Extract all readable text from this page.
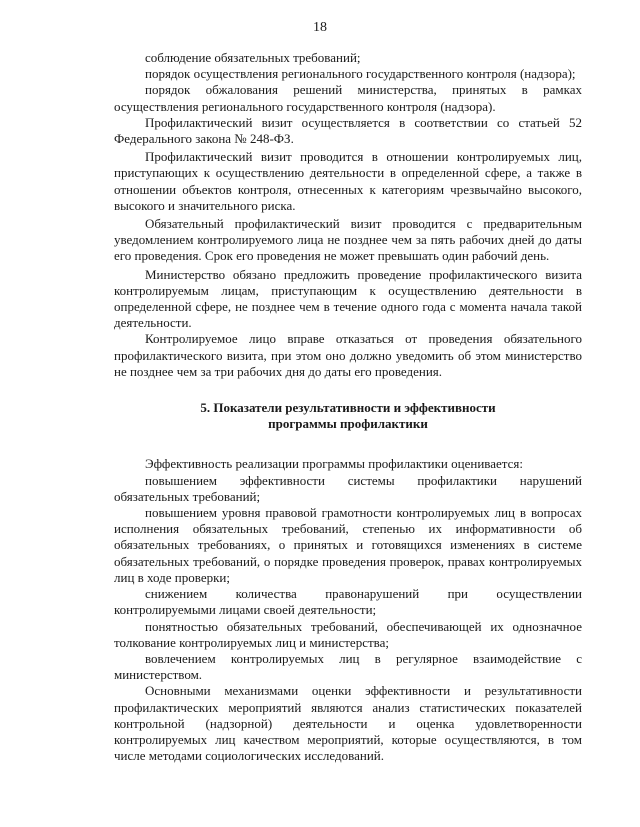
18

соблюдение обязательных требований;

порядок осуществления регионального государственного контроля (надзора);

порядок обжалования решений министерства, принятых в рамках осуществления регионального государственного контроля (надзора).

Профилактический визит осуществляется в соответствии со статьей 52 Федерального закона № 248-ФЗ.

Профилактический визит проводится в отношении контролируемых лиц, приступающих к осуществлению деятельности в определенной сфере, а также в отношении объектов контроля, отнесенных к категориям чрезвычайно высокого, высокого и значительного риска.

Обязательный профилактический визит проводится с предварительным уведомлением контролируемого лица не позднее чем за пять рабочих дней до даты его проведения. Срок его проведения не может превышать один рабочий день.

Министерство обязано предложить проведение профилактического визита контролируемым лицам, приступающим к осуществлению деятельности в определенной сфере, не позднее чем в течение одного года с момента начала такой деятельности.

Контролируемое лицо вправе отказаться от проведения обязательного профилактического визита, при этом оно должно уведомить об этом министерство не позднее чем за три рабочих дня до даты его проведения.

5. Показатели результативности и эффективности
программы профилактики

Эффективность реализации программы профилактики оценивается:

повышением эффективности системы профилактики нарушений обязательных требований;

повышением уровня правовой грамотности контролируемых лиц в вопросах исполнения обязательных требований, степенью их информативности об обязательных требованиях, о принятых и готовящихся изменениях в системе обязательных требований, о порядке проведения проверок, правах контролируемых лиц в ходе проверки;

снижением количества правонарушений при осуществлении контролируемыми лицами своей деятельности;

понятностью обязательных требований, обеспечивающей их однозначное толкование контролируемых лиц и министерства;

вовлечением контролируемых лиц в регулярное взаимодействие с министерством.

Основными механизмами оценки эффективности и результативности профилактических мероприятий являются анализ статистических показателей контрольной (надзорной) деятельности и оценка удовлетворенности контролируемых лиц качеством мероприятий, которые осуществляются, в том числе методами социологических исследований.
